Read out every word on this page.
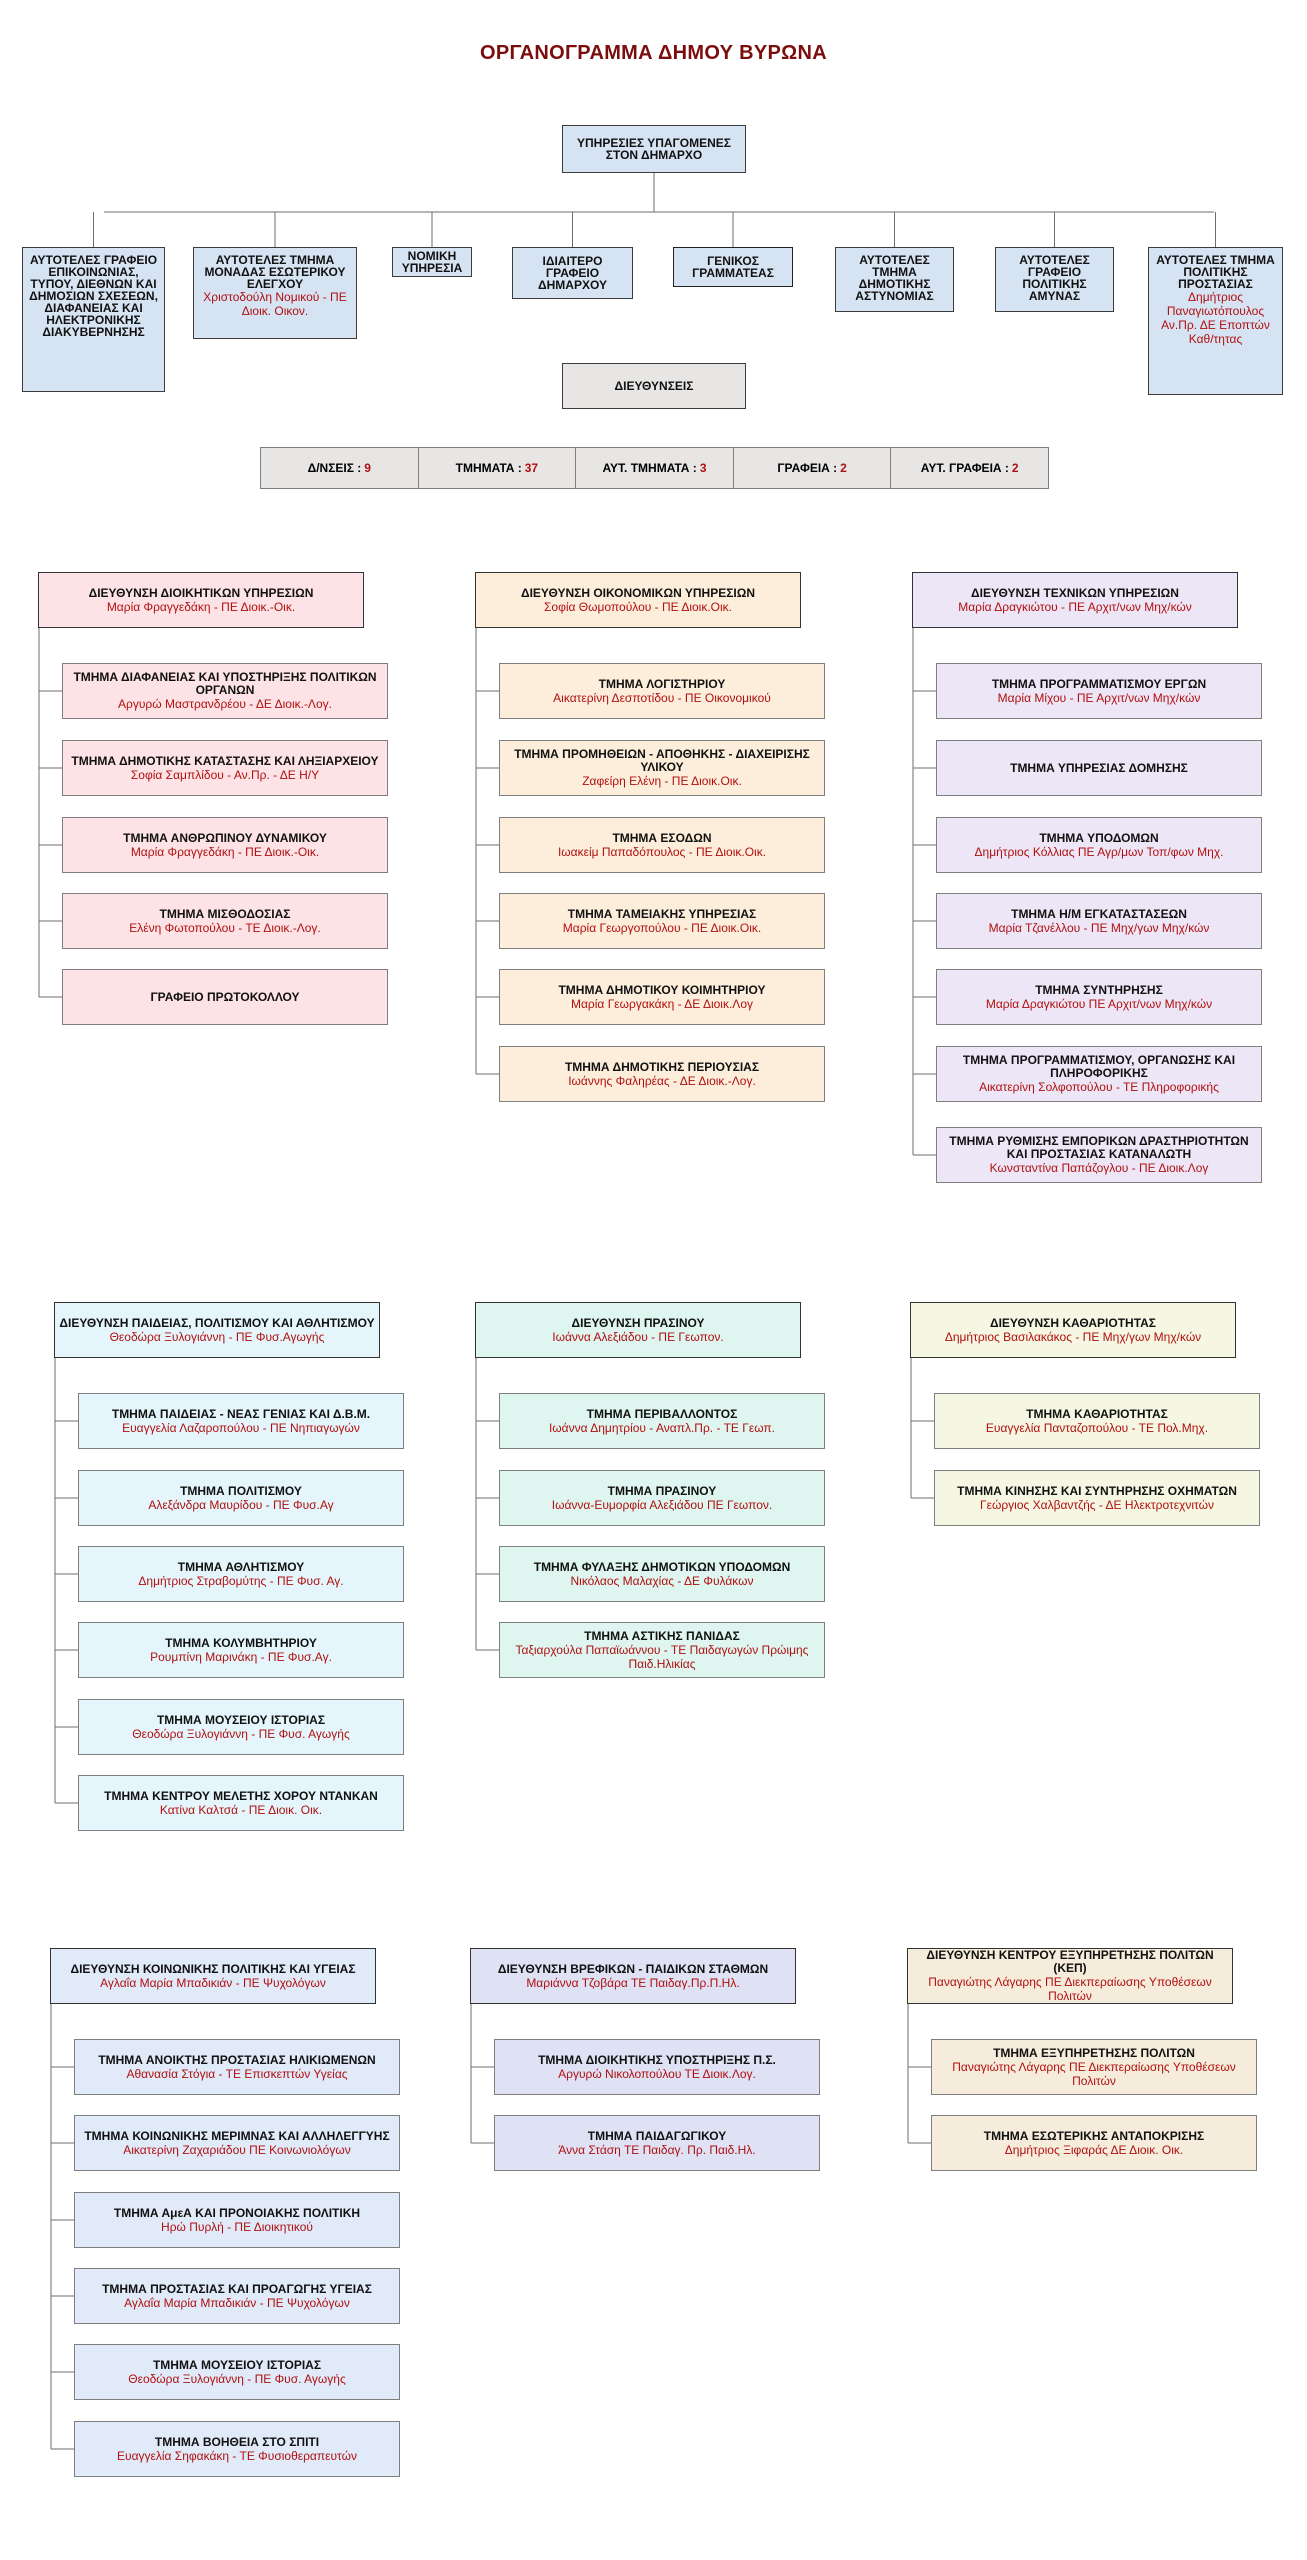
ΟΡΓΑΝΟΓΡΑΜΜΑ ΔΗΜΟΥ ΒΥΡΩΝΑ
ΥΠΗΡΕΣΙΕΣ ΥΠΑΓΟΜΕΝΕΣ ΣΤΟΝ ΔΗΜΑΡΧΟ
ΑΥΤΟΤΕΛΕΣ ΓΡΑΦΕΙΟ ΕΠΙΚΟΙΝΩΝΙΑΣ, ΤΥΠΟΥ, ΔΙΕΘΝΩΝ ΚΑΙ ΔΗΜΟΣΙΩΝ ΣΧΕΣΕΩΝ, ΔΙΑΦΑΝΕΙΑΣ ΚΑΙ ΗΛΕΚΤΡΟΝΙΚΗΣ ΔΙΑΚΥΒΕΡΝΗΣΗΣ
ΑΥΤΟΤΕΛΕΣ ΤΜΗΜΑ ΜΟΝΑΔΑΣ ΕΣΩΤΕΡΙΚΟΥ ΕΛΕΓΧΟΥ
Χριστοδούλη Νομικού - ΠΕ Διοικ. Οικον.
ΝΟΜΙΚΗ ΥΠΗΡΕΣΙΑ	ΙΔΙΑΙΤΕΡΟ ΓΡΑΦΕΙΟ ΔΗΜΑΡΧΟΥ
ΓΕΝΙΚΟΣ ΓΡΑΜΜΑΤΕΑΣ
ΑΥΤΟΤΕΛΕΣ ΤΜΗΜΑ ΔΗΜΟΤΙΚΗΣ ΑΣΤΥΝΟΜΙΑΣ
ΑΥΤΟΤΕΛΕΣ ΓΡΑΦΕΙΟ ΠΟΛΙΤΙΚΗΣ ΑΜΥΝΑΣ
ΑΥΤΟΤΕΛΕΣ ΤΜΗΜΑ ΠΟΛΙΤΙΚΗΣ ΠΡΟΣΤΑΣΙΑΣ
Δημήτριος Παναγιωτόπουλος Αν.Πρ. ΔΕ Εποπτών Καθ/τητας
ΔΙΕΥΘΥΝΣΕΙΣ
Δ/ΝΣΕΙΣ : 9	ΤΜΗΜΑΤΑ : 37	ΑΥΤ. ΤΜΗΜΑΤΑ : 3	ΓΡΑΦΕΙΑ : 2	ΑΥΤ. ΓΡΑΦΕΙΑ : 2
ΔΙΕΥΘΥΝΣΗ ΔΙΟΙΚΗΤΙΚΩΝ ΥΠΗΡΕΣΙΩΝ
Μαρία Φραγγεδάκη - ΠΕ Διοικ.-Οικ.
ΤΜΗΜΑ ΔΙΑΦΑΝΕΙΑΣ ΚΑΙ ΥΠΟΣΤΗΡΙΞΗΣ ΠΟΛΙΤΙΚΩΝ ΟΡΓΑΝΩΝ
Αργυρώ Μαστρανδρέου - ΔΕ Διοικ.-Λογ.
ΤΜΗΜΑ ΔΗΜΟΤΙΚΗΣ ΚΑΤΑΣΤΑΣΗΣ ΚΑΙ ΛΗΞΙΑΡΧΕΙΟΥ
Σοφία Σαμπλίδου - Αν.Πρ. - ΔΕ Η/Υ
ΤΜΗΜΑ ΑΝΘΡΩΠΙΝΟΥ ΔΥΝΑΜΙΚΟΥ
Μαρία Φραγγεδάκη - ΠΕ Διοικ.-Οικ.
ΤΜΗΜΑ ΜΙΣΘΟΔΟΣΙΑΣ
Ελένη Φωτοπούλου - ΤΕ Διοικ.-Λογ.
ΓΡΑΦΕΙΟ ΠΡΩΤΟΚΟΛΛΟΥ
ΔΙΕΥΘΥΝΣΗ ΟΙΚΟΝΟΜΙΚΩΝ ΥΠΗΡΕΣΙΩΝ
Σοφία Θωμοπούλου - ΠΕ Διοικ.Οικ.
ΤΜΗΜΑ ΛΟΓΙΣΤΗΡΙΟΥ
Αικατερίνη Δεσποτίδου - ΠΕ Οικονομικού
ΤΜΗΜΑ ΠΡΟΜΗΘΕΙΩΝ - ΑΠΟΘΗΚΗΣ - ΔΙΑΧΕΙΡΙΣΗΣ ΥΛΙΚΟΥ
Ζαφείρη Ελένη - ΠΕ Διοικ.Οικ.
ΤΜΗΜΑ ΕΣΟΔΩΝ
Ιωακείμ Παπαδόπουλος - ΠΕ Διοικ.Οικ.
ΤΜΗΜΑ ΤΑΜΕΙΑΚΗΣ ΥΠΗΡΕΣΙΑΣ
Μαρία Γεωργοπούλου - ΠΕ Διοικ.Οικ.
ΤΜΗΜΑ ΔΗΜΟΤΙΚΟΥ ΚΟΙΜΗΤΗΡΙΟΥ
Μαρία Γεωργακάκη - ΔΕ Διοικ.Λογ
ΤΜΗΜΑ ΔΗΜΟΤΙΚΗΣ ΠΕΡΙΟΥΣΙΑΣ
Ιωάννης Φαληρέας - ΔΕ Διοικ.-Λογ.
ΔΙΕΥΘΥΝΣΗ ΤΕΧΝΙΚΩΝ ΥΠΗΡΕΣΙΩΝ
Μαρία Δραγκιώτου - ΠΕ Αρχιτ/νων Μηχ/κών
ΤΜΗΜΑ ΠΡΟΓΡΑΜΜΑΤΙΣΜΟΥ ΕΡΓΩΝ
Μαρία Μίχου - ΠΕ Αρχιτ/νων Μηχ/κών
ΤΜΗΜΑ ΥΠΗΡΕΣΙΑΣ ΔΟΜΗΣΗΣ
ΤΜΗΜΑ ΥΠΟΔΟΜΩΝ
Δημήτριος Κόλλιας ΠΕ Αγρ/μων Τοπ/φων Μηχ.
ΤΜΗΜΑ Η/Μ ΕΓΚΑΤΑΣΤΑΣΕΩΝ
Μαρία Τζανέλλου - ΠΕ Μηχ/γων Μηχ/κών
ΤΜΗΜΑ ΣΥΝΤΗΡΗΣΗΣ
Μαρία Δραγκιώτου ΠΕ Αρχιτ/νων Μηχ/κών
ΤΜΗΜΑ ΠΡΟΓΡΑΜΜΑΤΙΣΜΟΥ, ΟΡΓΑΝΩΣΗΣ ΚΑΙ ΠΛΗΡΟΦΟΡΙΚΗΣ
Αικατερίνη Σολφοπούλου - ΤΕ Πληροφορικής
ΤΜΗΜΑ ΡΥΘΜΙΣΗΣ ΕΜΠΟΡΙΚΩΝ ΔΡΑΣΤΗΡΙΟΤΗΤΩΝ ΚΑΙ ΠΡΟΣΤΑΣΙΑΣ ΚΑΤΑΝΑΛΩΤΗ
Κωνσταντίνα Παπάζογλου - ΠΕ Διοικ.Λογ
ΔΙΕΥΘΥΝΣΗ ΠΑΙΔΕΙΑΣ, ΠΟΛΙΤΙΣΜΟΥ ΚΑΙ ΑΘΛΗΤΙΣΜΟΥ
Θεοδώρα Ξυλογιάννη - ΠΕ Φυσ.Αγωγής
ΤΜΗΜΑ ΠΑΙΔΕΙΑΣ - ΝΕΑΣ ΓΕΝΙΑΣ ΚΑΙ Δ.Β.Μ.
Ευαγγελία Λαζαροπούλου - ΠΕ Νηπιαγωγών
ΤΜΗΜΑ ΠΟΛΙΤΙΣΜΟΥ
Αλεξάνδρα Μαυρίδου - ΠΕ Φυσ.Αγ
ΤΜΗΜΑ ΑΘΛΗΤΙΣΜΟΥ
Δημήτριος Στραβομύτης - ΠΕ Φυσ. Αγ.
ΤΜΗΜΑ ΚΟΛΥΜΒΗΤΗΡΙΟΥ
Ρουμπίνη Μαρινάκη - ΠΕ Φυσ.Αγ.
ΤΜΗΜΑ ΜΟΥΣΕΙΟΥ ΙΣΤΟΡΙΑΣ
Θεοδώρα Ξυλογιάννη - ΠΕ Φυσ. Αγωγής
ΤΜΗΜΑ ΚΕΝΤΡΟΥ ΜΕΛΕΤΗΣ ΧΟΡΟΥ ΝΤΑΝΚΑΝ
Κατίνα Καλτσά - ΠΕ Διοικ. Οικ.
ΔΙΕΥΘΥΝΣΗ ΠΡΑΣΙΝΟΥ
Ιωάννα Αλεξιάδου - ΠΕ Γεωπον.
ΤΜΗΜΑ ΠΕΡΙΒΑΛΛΟΝΤΟΣ
Ιωάννα Δημητρίου - Αναπλ.Πρ. - ΤΕ Γεωπ.
ΤΜΗΜΑ ΠΡΑΣΙΝΟΥ
Ιωάννα-Ευμορφία Αλεξιάδου ΠΕ Γεωπον.
ΤΜΗΜΑ ΦΥΛΑΞΗΣ ΔΗΜΟΤΙΚΩΝ ΥΠΟΔΟΜΩΝ
Νικόλαος Μαλαχίας - ΔΕ Φυλάκων
ΤΜΗΜΑ ΑΣΤΙΚΗΣ ΠΑΝΙΔΑΣ
Ταξιαρχούλα Παπαϊωάννου - ΤΕ Παιδαγωγών Πρώιμης Παιδ.Ηλικίας
ΔΙΕΥΘΥΝΣΗ ΚΑΘΑΡΙΟΤΗΤΑΣ
Δημήτριος Βασιλακάκος - ΠΕ Μηχ/γων Μηχ/κών
ΤΜΗΜΑ ΚΑΘΑΡΙΟΤΗΤΑΣ
Ευαγγελία Πανταζοπούλου - ΤΕ Πολ.Μηχ.
ΤΜΗΜΑ ΚΙΝΗΣΗΣ ΚΑΙ ΣΥΝΤΗΡΗΣΗΣ ΟΧΗΜΑΤΩΝ
Γεώργιος Χαλβαντζής - ΔΕ Ηλεκτροτεχνιτών
ΔΙΕΥΘΥΝΣΗ ΚΟΙΝΩΝΙΚΗΣ ΠΟΛΙΤΙΚΗΣ ΚΑΙ ΥΓΕΙΑΣ
Αγλαΐα Μαρία Μπαδικιάν - ΠΕ Ψυχολόγων
ΤΜΗΜΑ ΑΝΟΙΚΤΗΣ ΠΡΟΣΤΑΣΙΑΣ ΗΛΙΚΙΩΜΕΝΩΝ
Αθανασία Στόγια - ΤΕ Επισκεπτών Υγείας
ΤΜΗΜΑ ΚΟΙΝΩΝΙΚΗΣ ΜΕΡΙΜΝΑΣ ΚΑΙ ΑΛΛΗΛΕΓΓΥΗΣ
Αικατερίνη Ζαχαριάδου ΠΕ Κοινωνιολόγων
ΤΜΗΜΑ ΑμεΑ ΚΑΙ ΠΡΟΝΟΙΑΚΗΣ ΠΟΛΙΤΙΚΗ
Ηρώ Πυρλή - ΠΕ Διοικητικού
ΤΜΗΜΑ ΠΡΟΣΤΑΣΙΑΣ ΚΑΙ ΠΡΟΑΓΩΓΗΣ ΥΓΕΙΑΣ
Αγλαΐα Μαρία Μπαδικιάν - ΠΕ Ψυχολόγων
ΤΜΗΜΑ ΜΟΥΣΕΙΟΥ ΙΣΤΟΡΙΑΣ
Θεοδώρα Ξυλογιάννη - ΠΕ Φυσ. Αγωγής
ΤΜΗΜΑ ΒΟΗΘΕΙΑ ΣΤΟ ΣΠΙΤΙ
Ευαγγελία Σηφακάκη - ΤΕ Φυσιοθεραπευτών
ΔΙΕΥΘΥΝΣΗ ΒΡΕΦΙΚΩΝ - ΠΑΙΔΙΚΩΝ ΣΤΑΘΜΩΝ
Μαριάννα Τζοβάρα ΤΕ Παιδαγ.Πρ.Π.Ηλ.
ΤΜΗΜΑ ΔΙΟΙΚΗΤΙΚΗΣ ΥΠΟΣΤΗΡΙΞΗΣ Π.Σ.
Αργυρώ Νικολοπούλου ΤΕ Διοικ.Λογ.
ΤΜΗΜΑ ΠΑΙΔΑΓΩΓΙΚΟΥ
Άννα Στάση ΤΕ Παιδαγ. Πρ. Παιδ.Ηλ.
ΔΙΕΥΘΥΝΣΗ ΚΕΝΤΡΟΥ ΕΞΥΠΗΡΕΤΗΣΗΣ ΠΟΛΙΤΩΝ (ΚΕΠ)
Παναγιώτης Λάγαρης ΠΕ Διεκπεραίωσης Υποθέσεων Πολιτών
ΤΜΗΜΑ ΕΞΥΠΗΡΕΤΗΣΗΣ ΠΟΛΙΤΩΝ
Παναγιώτης Λάγαρης ΠΕ Διεκπεραίωσης Υποθέσεων Πολιτών
ΤΜΗΜΑ ΕΣΩΤΕΡΙΚΗΣ ΑΝΤΑΠΟΚΡΙΣΗΣ
Δημήτριος Ξιφαράς ΔΕ Διοικ. Οικ.
